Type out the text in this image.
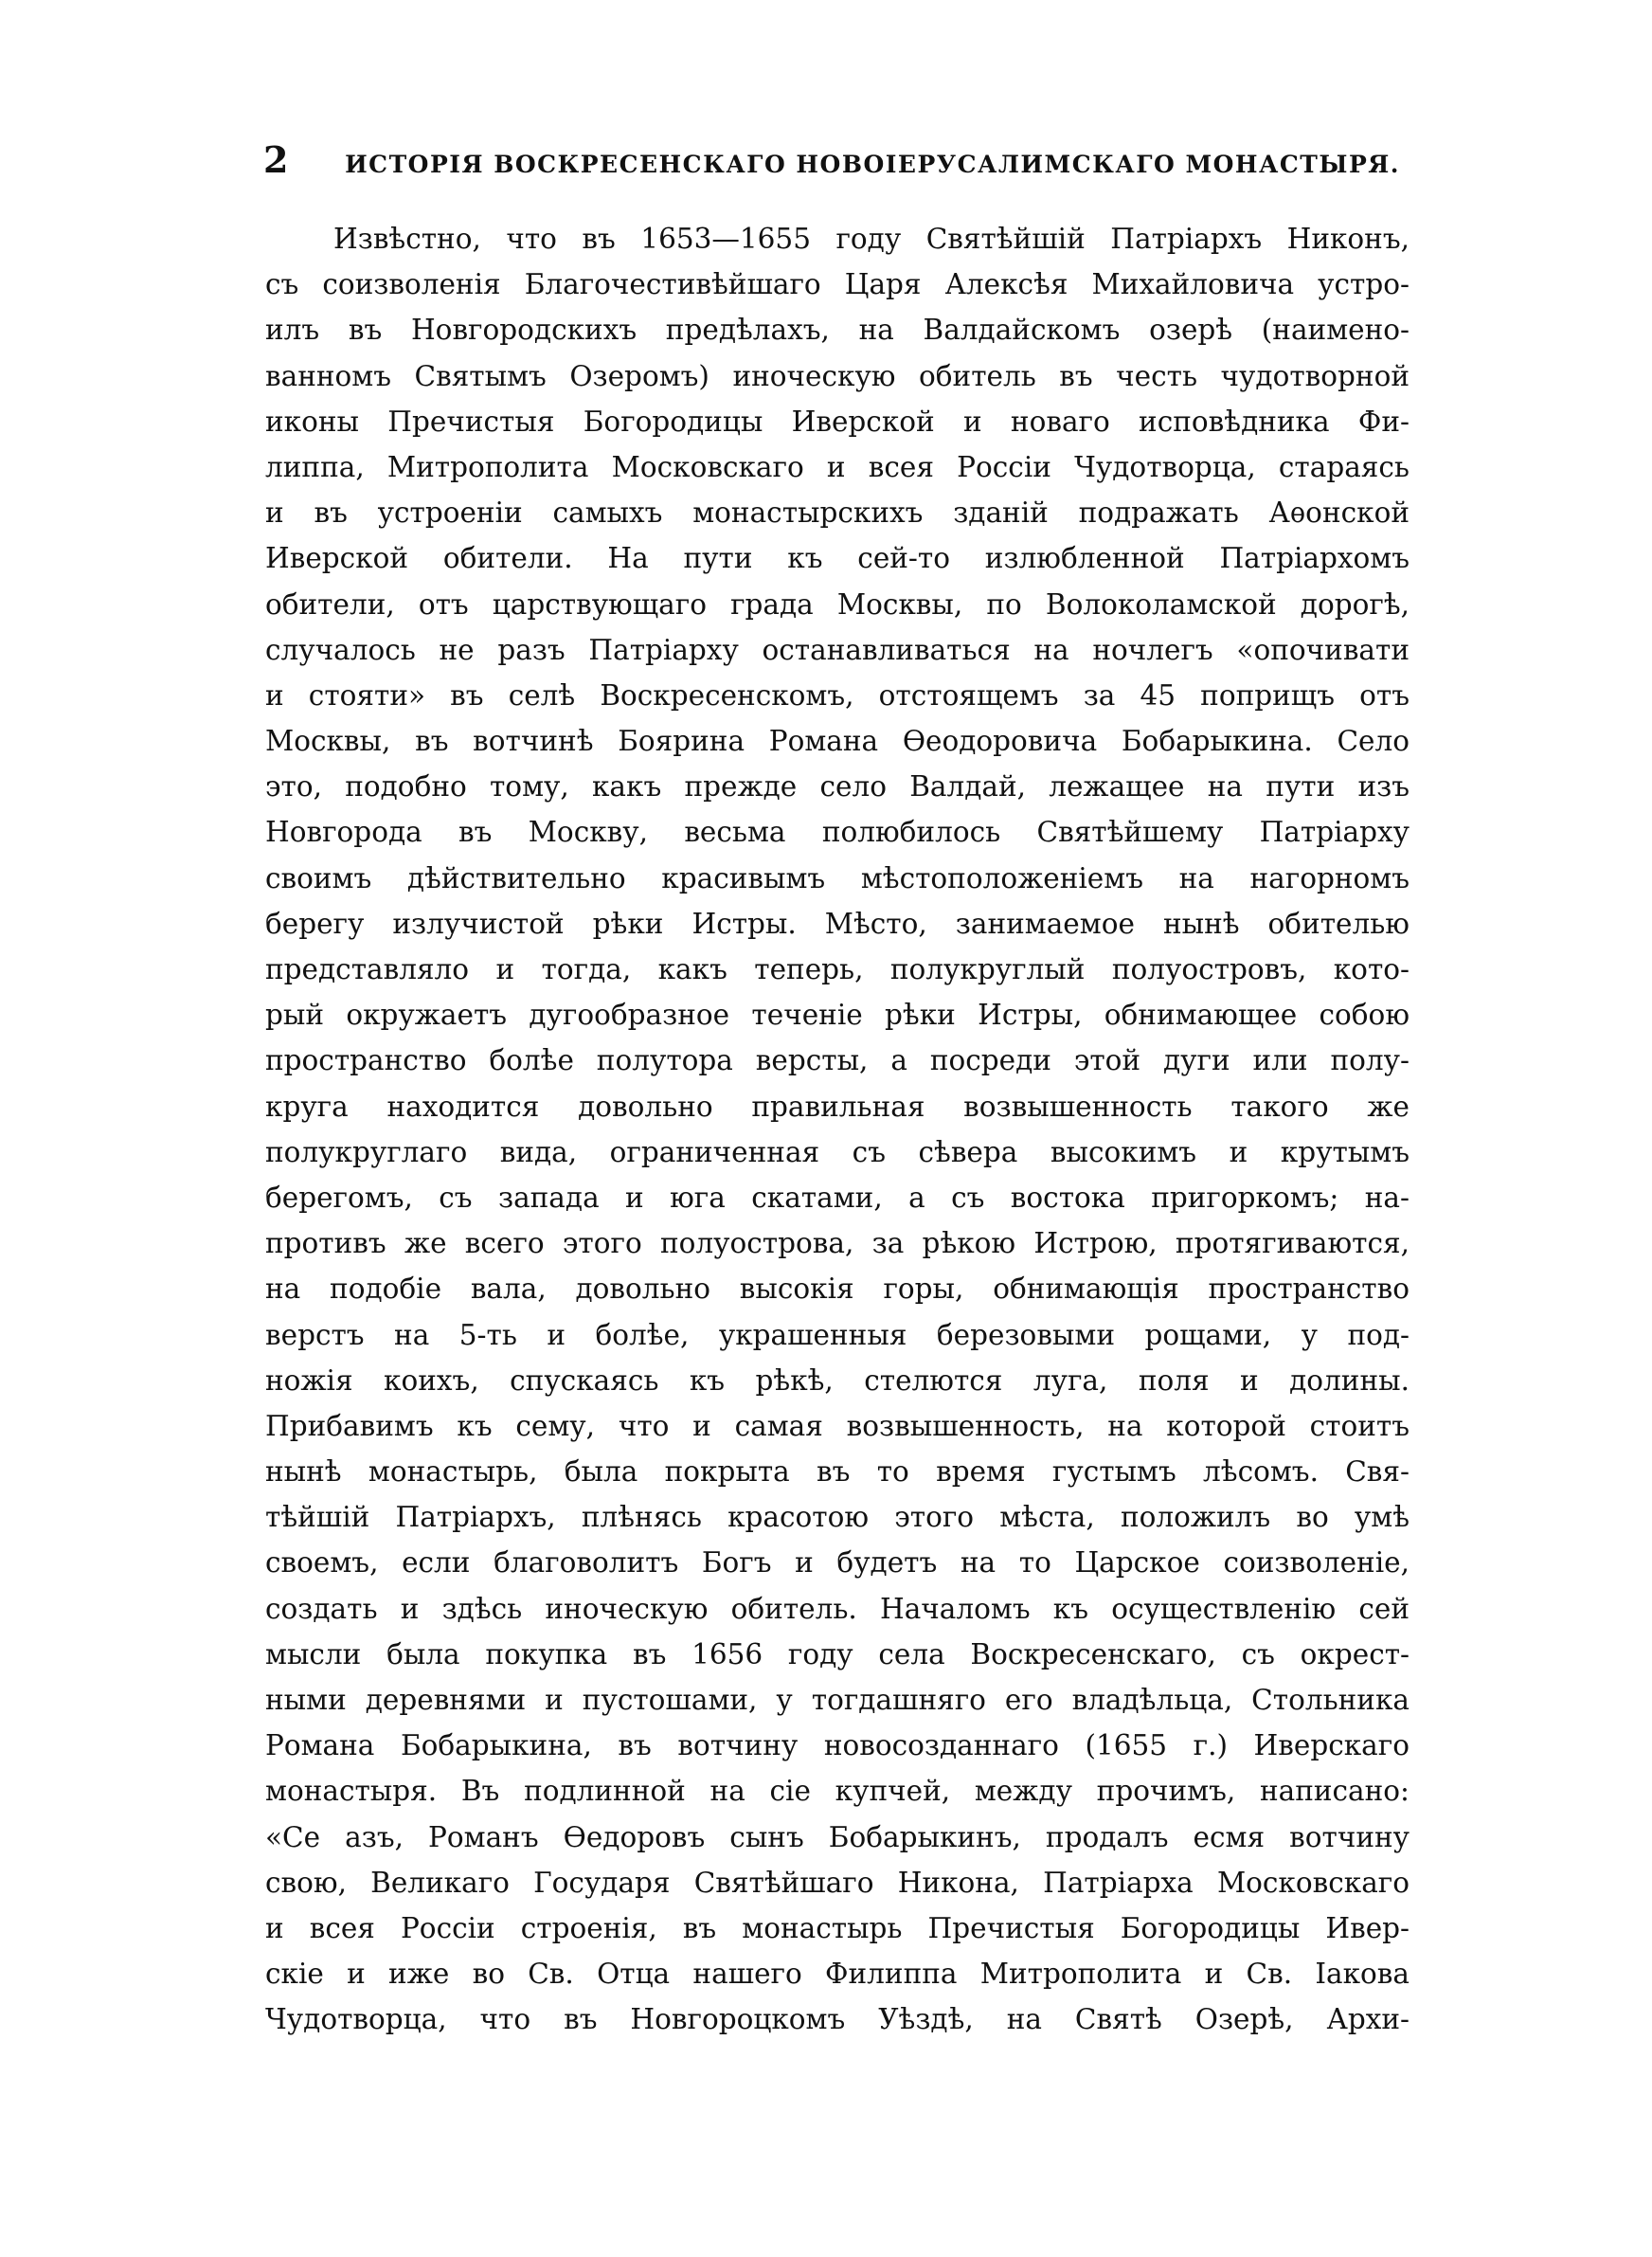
2	ИСТОРІЯ ВОСКРЕСЕНСКАГО НОВОІЕРУСАЛИМСКАГО МОНАСТЫРЯ.
Извѣстно, что въ 1653—1655 году Святѣйшій Патріархъ Никонъ,
съ соизволенія Благочестивѣйшаго Царя Алексѣя Михайловича устро-
илъ въ Новгородскихъ предѣлахъ, на Валдайскомъ озерѣ (наимено-
ванномъ Святымъ Озеромъ) иноческую обитель въ честь чудотворной
иконы Пречистыя Богородицы Иверской и новаго исповѣдника Фи-
липпа, Митрополита Московскаго и всея Россіи Чудотворца, стараясь
и въ устроеніи самыхъ монастырскихъ зданій подражать Аѳонской
Иверской обители. На пути къ сей-то излюбленной Патріархомъ
обители, отъ царствующаго града Москвы, по Волоколамской дорогѣ,
случалось не разъ Патріарху останавливаться на ночлегъ «опочивати
и стояти» въ селѣ Воскресенскомъ, отстоящемъ за 45 поприщъ отъ
Москвы, въ вотчинѣ Боярина Романа Ѳеодоровича Бобарыкина. Село
это, подобно тому, какъ прежде село Валдай, лежащее на пути изъ
Новгорода въ Москву, весьма полюбилось Святѣйшему Патріарху
своимъ дѣйствительно красивымъ мѣстоположеніемъ на нагорномъ
берегу излучистой рѣки Истры. Мѣсто, занимаемое нынѣ обителью
представляло и тогда, какъ теперь, полукруглый полуостровъ, кото-
рый окружаетъ дугообразное теченіе рѣки Истры, обнимающее собою
пространство болѣе полутора версты, а посреди этой дуги или полу-
круга находится довольно правильная возвышенность такого же
полукруглаго вида, ограниченная съ сѣвера высокимъ и крутымъ
берегомъ, съ запада и юга скатами, а съ востока пригоркомъ; на-
противъ же всего этого полуострова, за рѣкою Истрою, протягиваются,
на подобіе вала, довольно высокія горы, обнимающія пространство
верстъ на 5-ть и болѣе, украшенныя березовыми рощами, у под-
ножія коихъ, спускаясь къ рѣкѣ, стелются луга, поля и долины.
Прибавимъ къ сему, что и самая возвышенность, на которой стоитъ
нынѣ монастырь, была покрыта въ то время густымъ лѣсомъ. Свя-
тѣйшій Патріархъ, плѣнясь красотою этого мѣста, положилъ во умѣ
своемъ, если благоволитъ Богъ и будетъ на то Царское соизволеніе,
создать и здѣсь иноческую обитель. Началомъ къ осуществленію сей
мысли была покупка въ 1656 году села Воскресенскаго, съ окрест-
ными деревнями и пустошами, у тогдашняго его владѣльца, Стольника
Романа Бобарыкина, въ вотчину новосозданнаго (1655 г.) Иверскаго
монастыря. Въ подлинной на сіе купчей, между прочимъ, написано:
«Се азъ, Романъ Ѳедоровъ сынъ Бобарыкинъ, продалъ есмя вотчину
свою, Великаго Государя Святѣйшаго Никона, Патріарха Московскаго
и всея Россіи строенія, въ монастырь Пречистыя Богородицы Ивер-
скіе и иже во Св. Отца нашего Филиппа Митрополита и Св. Іакова
Чудотворца, что въ Новгороцкомъ Уѣздѣ, на Святѣ Озерѣ, Архи-
